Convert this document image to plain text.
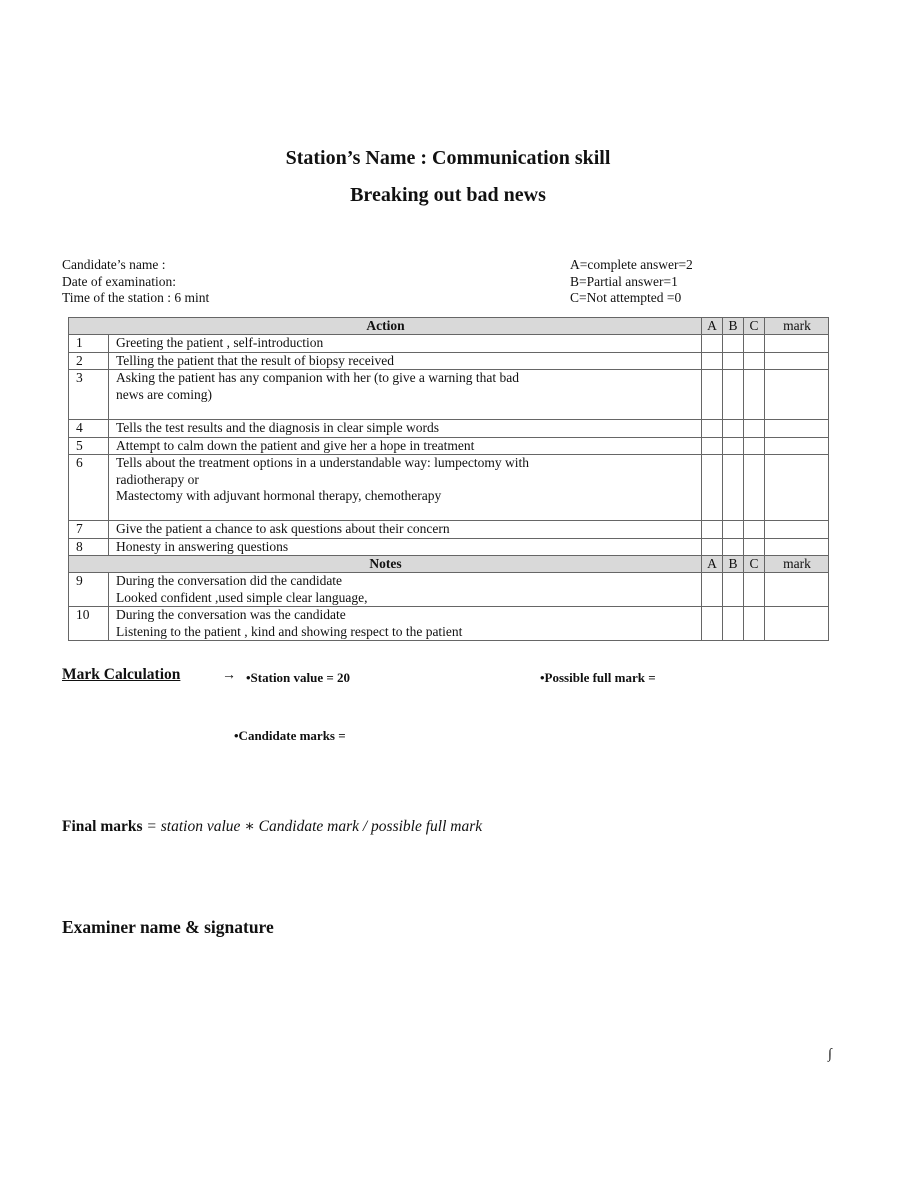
Station’s Name : Communication skill
Breaking out bad news
Candidate’s name :
Date of examination:
Time of the station : 6 mint
A=complete answer=2
B=Partial answer=1
C=Not attempted =0
Action		A	B	C	mark
1	Greeting the patient , self-introduction				

2	Telling the patient that the result of biopsy received				

3	Asking the patient has any companion with her (to give a warning that bad
news are coming)				

4	Tells the test results and the diagnosis in clear simple words				

5	Attempt to calm down the patient and give her a hope in treatment				

6	Tells about the treatment options in a understandable way: lumpectomy with
radiotherapy or
Mastectomy with adjuvant hormonal therapy, chemotherapy				

7	Give the patient a chance to ask questions about their concern				

8	Honesty in answering questions				

Notes		A	B	C	mark
9	During the conversation did the candidate
Looked confident ,used simple clear language,				

10	During the conversation was the candidate
Listening to the patient , kind and showing respect to the patient				

Mark Calculation	→ •Station value = 20	•Possible full mark =
•Candidate marks =
Final marks = station value ∗ Candidate mark / possible full mark
Examiner name & signature
∫
